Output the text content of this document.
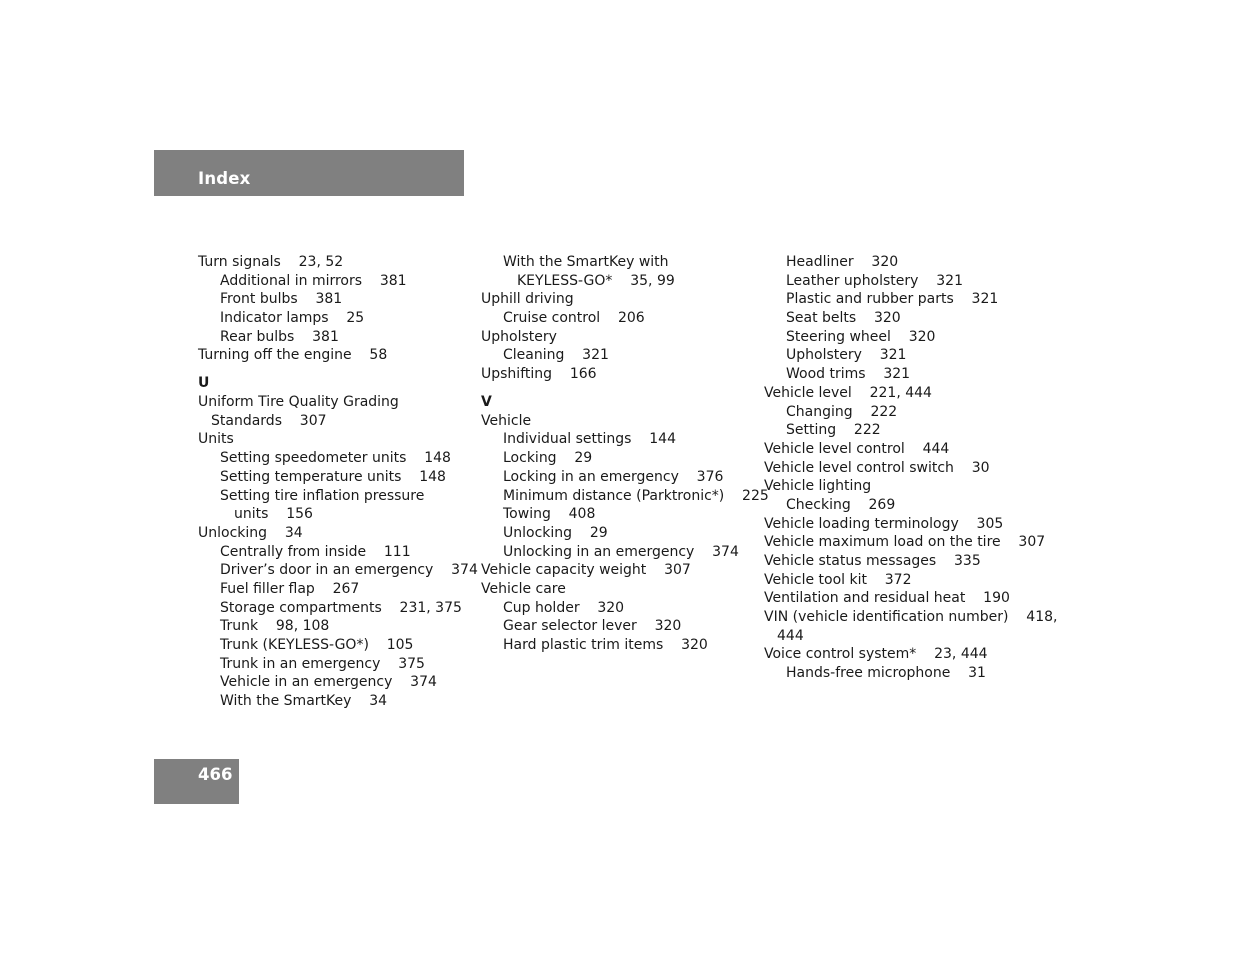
Index
Turn signals    23, 52
Additional in mirrors    381
Front bulbs    381
Indicator lamps    25
Rear bulbs    381
Turning off the engine    58
U
Uniform Tire Quality Grading
Standards    307
Units
Setting speedometer units    148
Setting temperature units    148
Setting tire inflation pressure
units    156
Unlocking    34
Centrally from inside    111
Driver’s door in an emergency    374
Fuel filler flap    267
Storage compartments    231, 375
Trunk    98, 108
Trunk (KEYLESS-GO*)    105
Trunk in an emergency    375
Vehicle in an emergency    374
With the SmartKey    34
With the SmartKey with
KEYLESS-GO*    35, 99
Uphill driving
Cruise control    206
Upholstery
Cleaning    321
Upshifting    166
V
Vehicle
Individual settings    144
Locking    29
Locking in an emergency    376
Minimum distance (Parktronic*)    225
Towing    408
Unlocking    29
Unlocking in an emergency    374
Vehicle capacity weight    307
Vehicle care
Cup holder    320
Gear selector lever    320
Hard plastic trim items    320
Headliner    320
Leather upholstery    321
Plastic and rubber parts    321
Seat belts    320
Steering wheel    320
Upholstery    321
Wood trims    321
Vehicle level    221, 444
Changing    222
Setting    222
Vehicle level control    444
Vehicle level control switch    30
Vehicle lighting
Checking    269
Vehicle loading terminology    305
Vehicle maximum load on the tire    307
Vehicle status messages    335
Vehicle tool kit    372
Ventilation and residual heat    190
VIN (vehicle identification number)    418,
444
Voice control system*    23, 444
Hands-free microphone    31
466
